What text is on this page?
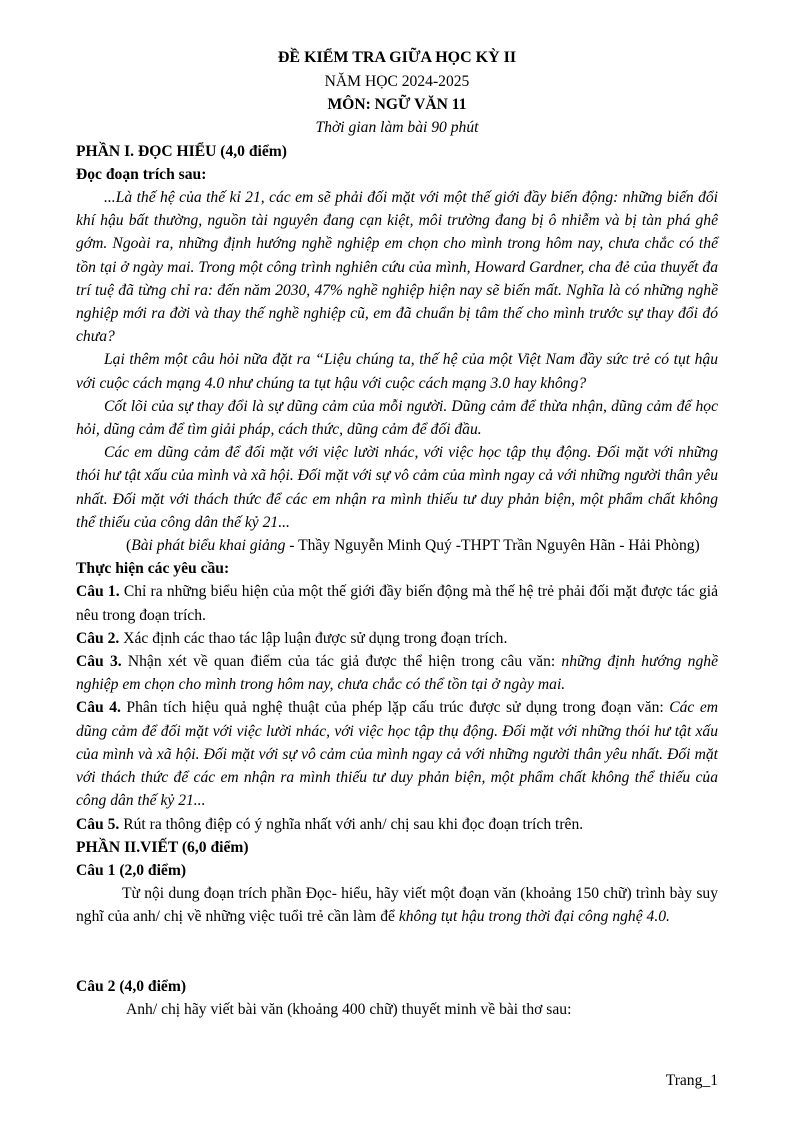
ĐỀ KIỂM TRA GIỮA HỌC KỲ II

NĂM HỌC 2024-2025

MÔN: NGỮ VĂN 11

Thời gian làm bài 90 phút

PHẦN I. ĐỌC HIỂU (4,0 điểm)

Đọc đoạn trích sau:

...Là thế hệ của thế kỉ 21, các em sẽ phải đối mặt với một thế giới đầy biến động: những biến đổi khí hậu bất thường, nguồn tài nguyên đang cạn kiệt, môi trường đang bị ô nhiễm và bị tàn phá ghê gớm. Ngoài ra, những định hướng nghề nghiệp em chọn cho mình trong hôm nay, chưa chắc có thể tồn tại ở ngày mai. Trong một công trình nghiên cứu của mình, Howard Gardner, cha đẻ của thuyết đa trí tuệ đã từng chỉ ra: đến năm 2030, 47% nghề nghiệp hiện nay sẽ biến mất. Nghĩa là có những nghề nghiệp mới ra đời và thay thế nghề nghiệp cũ, em đã chuẩn bị tâm thế cho mình trước sự thay đổi đó chưa?

Lại thêm một câu hỏi nữa đặt ra “Liệu chúng ta, thế hệ của một Việt Nam đầy sức trẻ có tụt hậu với cuộc cách mạng 4.0 như chúng ta tụt hậu với cuộc cách mạng 3.0 hay không?

Cốt lõi của sự thay đổi là sự dũng cảm của mỗi người. Dũng cảm để thừa nhận, dũng cảm để học hỏi, dũng cảm để tìm giải pháp, cách thức, dũng cảm để đối đầu.

Các em dũng cảm để đối mặt với việc lười nhác, với việc học tập thụ động. Đối mặt với những thói hư tật xấu của mình và xã hội. Đối mặt với sự vô cảm của mình ngay cả với những người thân yêu nhất. Đối mặt với thách thức để các em nhận ra mình thiếu tư duy phản biện, một phẩm chất không thể thiếu của công dân thế kỷ 21...

(Bài phát biểu khai giảng - Thầy Nguyễn Minh Quý -THPT Trần Nguyên Hãn - Hải Phòng)

Thực hiện các yêu cầu:

Câu 1. Chỉ ra những biểu hiện của một thế giới đầy biến động mà thế hệ trẻ phải đối mặt được tác giả nêu trong đoạn trích.

Câu 2. Xác định các thao tác lập luận được sử dụng trong đoạn trích.

Câu 3. Nhận xét về quan điểm của tác giả được thể hiện trong câu văn: những định hướng nghề nghiệp em chọn cho mình trong hôm nay, chưa chắc có thể tồn tại ở ngày mai.

Câu 4. Phân tích hiệu quả nghệ thuật của phép lặp cấu trúc được sử dụng trong đoạn văn: Các em dũng cảm để đối mặt với việc lười nhác, với việc học tập thụ động. Đối mặt với những thói hư tật xấu của mình và xã hội. Đối mặt với sự vô cảm của mình ngay cả với những người thân yêu nhất. Đối mặt với thách thức để các em nhận ra mình thiếu tư duy phản biện, một phẩm chất không thể thiếu của công dân thế kỷ 21...

Câu 5. Rút ra thông điệp có ý nghĩa nhất với anh/ chị sau khi đọc đoạn trích trên.

PHẦN II.VIẾT (6,0 điểm)

Câu 1 (2,0 điểm)

Từ nội dung đoạn trích phần Đọc- hiểu, hãy viết một đoạn văn (khoảng 150 chữ) trình bày suy nghĩ của anh/ chị về những việc tuổi trẻ cần làm để không tụt hậu trong thời đại công nghệ 4.0.

Câu 2 (4,0 điểm)

Anh/ chị hãy viết bài văn (khoảng 400 chữ) thuyết minh về bài thơ sau:

Trang_1
